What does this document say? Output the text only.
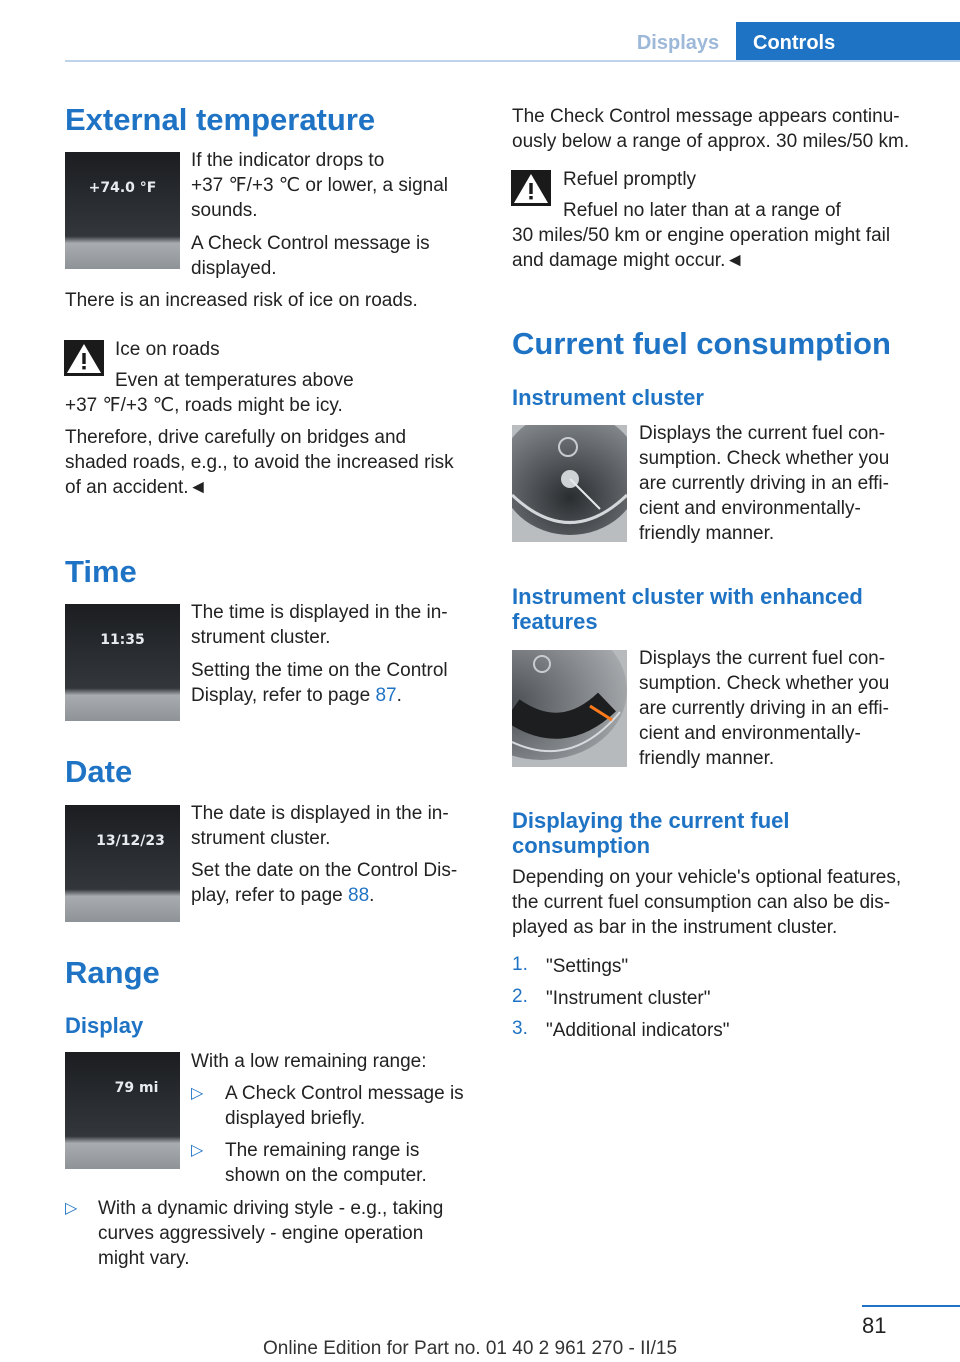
Displays	Controls
External temperature
+74.0 °F
If the indicator drops to
+37 ℉/+3 ℃ or lower, a signal
sounds.
A Check Control message is
displayed.
There is an increased risk of ice on roads.
Ice on roads
Even at temperatures above
+37 ℉/+3 ℃, roads might be icy.
Therefore, drive carefully on bridges and
shaded roads, e.g., to avoid the increased risk
of an accident.◄
Time
11:35
The time is displayed in the in‐
strument cluster.
Setting the time on the Control
Display, refer to page 87.
Date
13/12/23
The date is displayed in the in‐
strument cluster.
Set the date on the Control Dis‐
play, refer to page 88.
Range
Display
79 mi
With a low remaining range:
▷ A Check Control message is
displayed briefly.
▷ The remaining range is
shown on the computer.
▷ With a dynamic driving style - e.g., taking
curves aggressively - engine operation
might vary.
The Check Control message appears continu‐
ously below a range of approx. 30 miles/50 km.
Refuel promptly
Refuel no later than at a range of
30 miles/50 km or engine operation might fail
and damage might occur.◄
Current fuel consumption
Instrument cluster
Displays the current fuel con‐
sumption. Check whether you
are currently driving in an effi‐
cient and environmentally-
friendly manner.
Instrument cluster with enhanced
features
Displays the current fuel con‐
sumption. Check whether you
are currently driving in an effi‐
cient and environmentally-
friendly manner.
Displaying the current fuel
consumption
Depending on your vehicle's optional features,
the current fuel consumption can also be dis‐
played as bar in the instrument cluster.
1. "Settings"
2. "Instrument cluster"
3. "Additional indicators"
81
Online Edition for Part no. 01 40 2 961 270 - II/15
